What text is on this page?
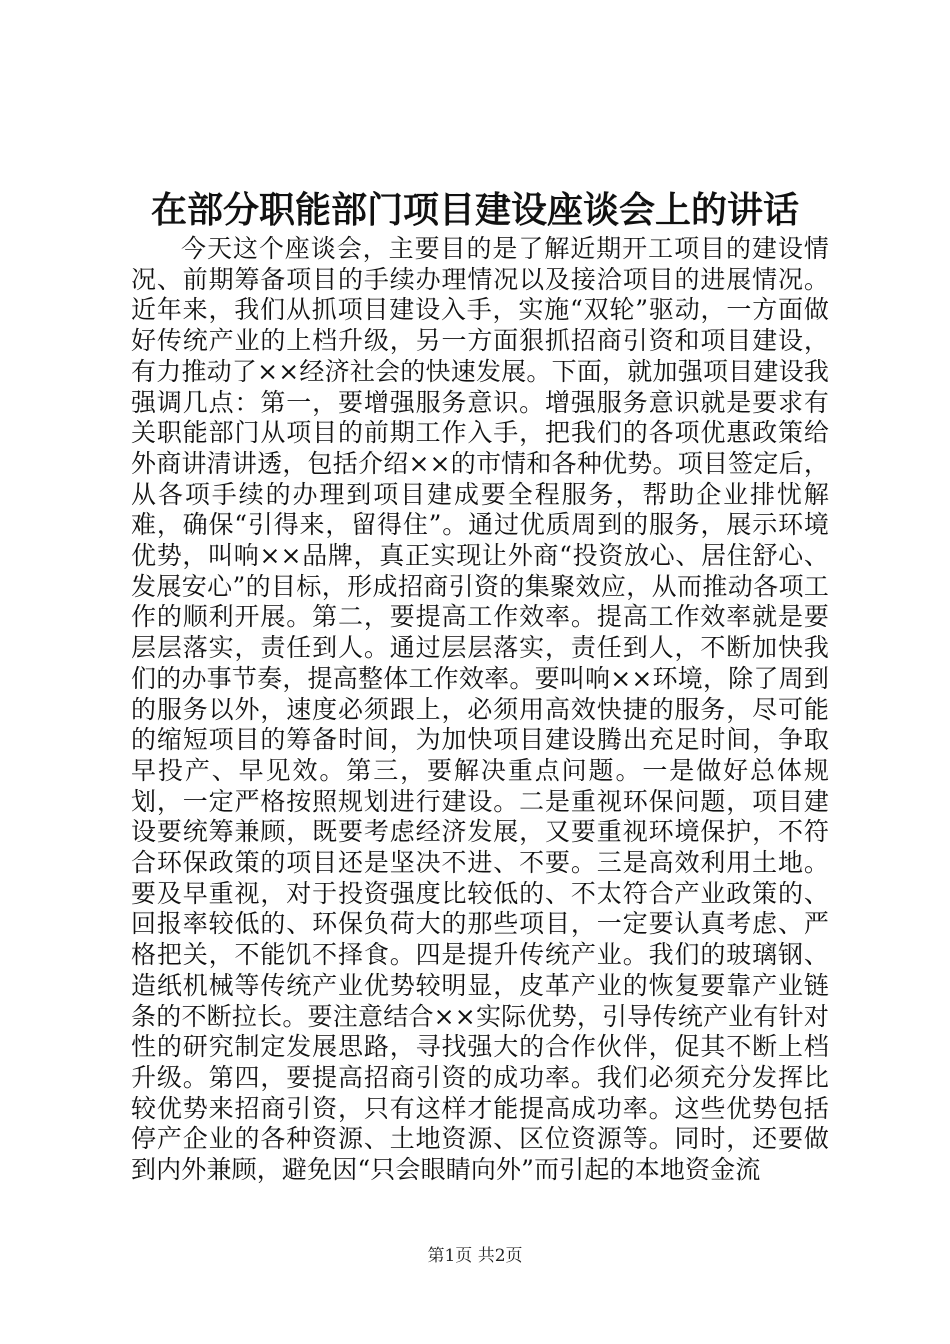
在部分职能部门项目建设座谈会上的讲话

今天这个座谈会，主要目的是了解近期开工项目的建设情况、前期筹备项目的手续办理情况以及接洽项目的进展情况。近年来，我们从抓项目建设入手，实施“双轮”驱动，一方面做好传统产业的上档升级，另一方面狠抓招商引资和项目建设，有力推动了××经济社会的快速发展。下面，就加强项目建设我强调几点：第一，要增强服务意识。增强服务意识就是要求有关职能部门从项目的前期工作入手，把我们的各项优惠政策给外商讲清讲透，包括介绍××的市情和各种优势。项目签定后，从各项手续的办理到项目建成要全程服务，帮助企业排忧解难，确保“引得来，留得住”。通过优质周到的服务，展示环境优势，叫响××品牌，真正实现让外商“投资放心、居住舒心、发展安心”的目标，形成招商引资的集聚效应，从而推动各项工作的顺利开展。第二，要提高工作效率。提高工作效率就是要层层落实，责任到人。通过层层落实，责任到人，不断加快我们的办事节奏，提高整体工作效率。要叫响××环境，除了周到的服务以外，速度必须跟上，必须用高效快捷的服务，尽可能的缩短项目的筹备时间，为加快项目建设腾出充足时间，争取早投产、早见效。第三，要解决重点问题。一是做好总体规划，一定严格按照规划进行建设。二是重视环保问题，项目建设要统筹兼顾，既要考虑经济发展，又要重视环境保护，不符合环保政策的项目还是坚决不进、不要。三是高效利用土地。要及早重视，对于投资强度比较低的、不太符合产业政策的、回报率较低的、环保负荷大的那些项目，一定要认真考虑、严格把关，不能饥不择食。四是提升传统产业。我们的玻璃钢、造纸机械等传统产业优势较明显，皮革产业的恢复要靠产业链条的不断拉长。要注意结合××实际优势，引导传统产业有针对性的研究制定发展思路，寻找强大的合作伙伴，促其不断上档升级。第四，要提高招商引资的成功率。我们必须充分发挥比较优势来招商引资，只有这样才能提高成功率。这些优势包括停产企业的各种资源、土地资源、区位资源等。同时，还要做到内外兼顾，避免因“只会眼睛向外”而引起的本地资金流

第1页 共2页
